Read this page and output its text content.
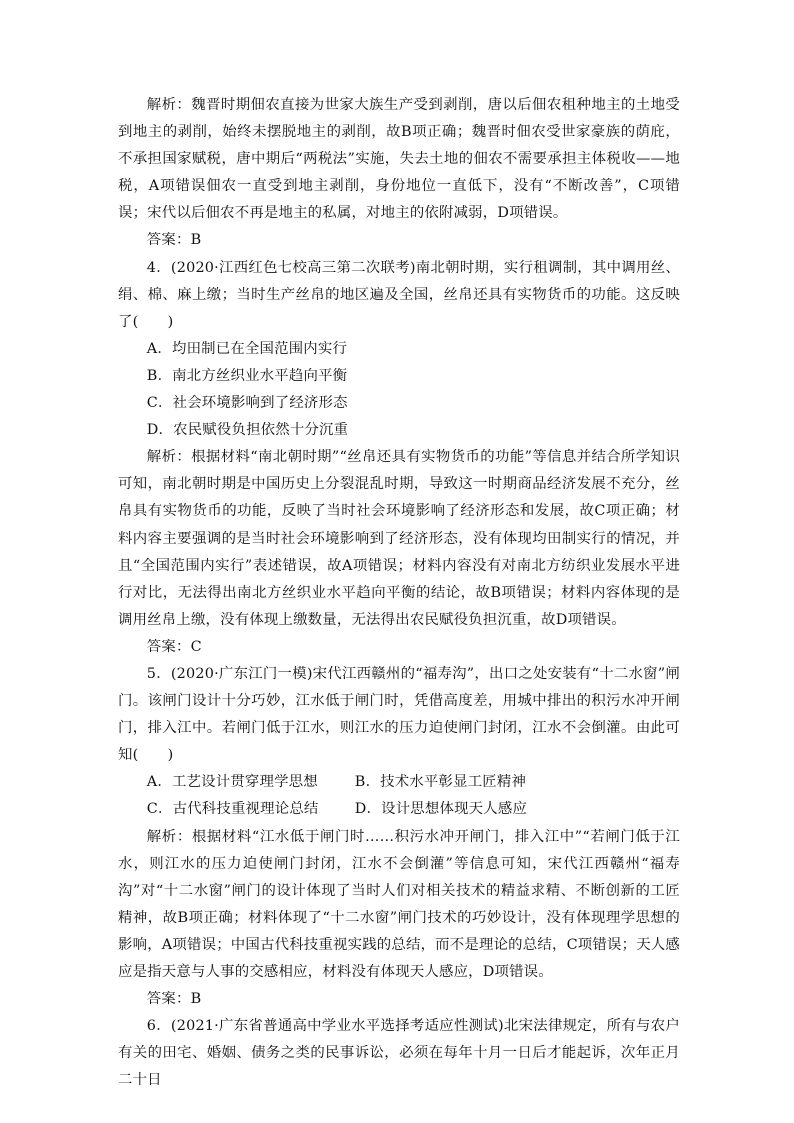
解析：魏晋时期佃农直接为世家大族生产受到剥削，唐以后佃农租种地主的土地受到地主的剥削，始终未摆脱地主的剥削，故B项正确；魏晋时佃农受世家豪族的荫庇，不承担国家赋税，唐中期后“两税法”实施，失去土地的佃农不需要承担主体税收——地税，A项错误佃农一直受到地主剥削，身份地位一直低下，没有“不断改善”，C项错误；宋代以后佃农不再是地主的私属，对地主的依附减弱，D项错误。

答案：B

4．(2020·江西红色七校高三第二次联考)南北朝时期，实行租调制，其中调用丝、绢、棉、麻上缴；当时生产丝帛的地区遍及全国，丝帛还具有实物货币的功能。这反映了(　　)

A．均田制已在全国范围内实行

B．南北方丝织业水平趋向平衡

C．社会环境影响到了经济形态

D．农民赋役负担依然十分沉重

解析：根据材料“南北朝时期”“丝帛还具有实物货币的功能”等信息并结合所学知识可知，南北朝时期是中国历史上分裂混乱时期，导致这一时期商品经济发展不充分，丝帛具有实物货币的功能，反映了当时社会环境影响了经济形态和发展，故C项正确；材料内容主要强调的是当时社会环境影响到了经济形态，没有体现均田制实行的情况，并且“全国范围内实行”表述错误，故A项错误；材料内容没有对南北方纺织业发展水平进行对比，无法得出南北方丝织业水平趋向平衡的结论，故B项错误；材料内容体现的是调用丝帛上缴，没有体现上缴数量，无法得出农民赋役负担沉重，故D项错误。

答案：C

5．(2020·广东江门一模)宋代江西赣州的“福寿沟”，出口之处安装有“十二水窗”闸门。该闸门设计十分巧妙，江水低于闸门时，凭借高度差，用城中排出的积污水冲开闸门，排入江中。若闸门低于江水，则江水的压力迫使闸门封闭，江水不会倒灌。由此可知(　　)

A．工艺设计贯穿理学思想	B．技术水平彰显工匠精神

C．古代科技重视理论总结	D．设计思想体现天人感应

解析：根据材料“江水低于闸门时……积污水冲开闸门，排入江中”“若闸门低于江水，则江水的压力迫使闸门封闭，江水不会倒灌”等信息可知，宋代江西赣州“福寿沟”对“十二水窗”闸门的设计体现了当时人们对相关技术的精益求精、不断创新的工匠精神，故B项正确；材料体现了“十二水窗”闸门技术的巧妙设计，没有体现理学思想的影响，A项错误；中国古代科技重视实践的总结，而不是理论的总结，C项错误；天人感应是指天意与人事的交感相应，材料没有体现天人感应，D项错误。

答案：B

6．(2021·广东省普通高中学业水平选择考适应性测试)北宋法律规定，所有与农户有关的田宅、婚姻、债务之类的民事诉讼，必须在每年十月一日后才能起诉，次年正月二十日
